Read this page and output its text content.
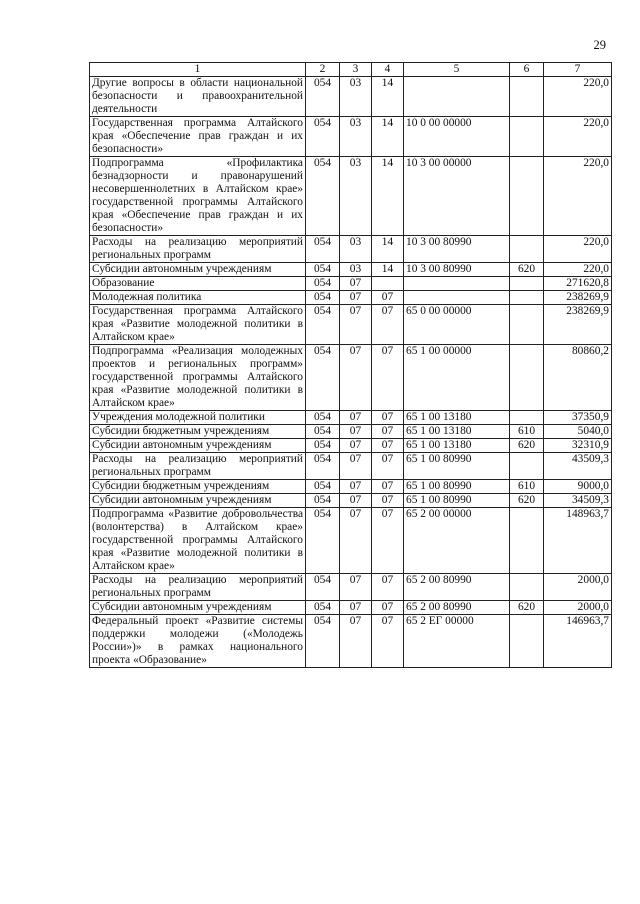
29
1	2	3	4	5	6	7
Другие вопросы в области национальной безопасности и правоохранительной деятельности	054	03	14			220,0
Государственная программа Алтайского края «Обеспечение прав граждан и их безопасности»	054	03	14	10 0 00 00000		220,0
Подпрограмма «Профилактика безнадзорности и правонарушений несовершеннолетних в Алтайском крае» государственной программы Алтайского края «Обеспечение прав граждан и их безопасности»	054	03	14	10 3 00 00000		220,0
Расходы на реализацию мероприятий региональных программ	054	03	14	10 3 00 80990		220,0
Субсидии автономным учреждениям	054	03	14	10 3 00 80990	620	220,0
Образование	054	07				271620,8
Молодежная политика	054	07	07			238269,9
Государственная программа Алтайского края «Развитие молодежной политики в Алтайском крае»	054	07	07	65 0 00 00000		238269,9
Подпрограмма «Реализация молодежных проектов и региональных программ» государственной программы Алтайского края «Развитие молодежной политики в Алтайском крае»	054	07	07	65 1 00 00000		80860,2
Учреждения молодежной политики	054	07	07	65 1 00 13180		37350,9
Субсидии бюджетным учреждениям	054	07	07	65 1 00 13180	610	5040,0
Субсидии автономным учреждениям	054	07	07	65 1 00 13180	620	32310,9
Расходы на реализацию мероприятий региональных программ	054	07	07	65 1 00 80990		43509,3
Субсидии бюджетным учреждениям	054	07	07	65 1 00 80990	610	9000,0
Субсидии автономным учреждениям	054	07	07	65 1 00 80990	620	34509,3
Подпрограмма «Развитие добровольчества (волонтерства) в Алтайском крае» государственной программы Алтайского края «Развитие молодежной политики в Алтайском крае»	054	07	07	65 2 00 00000		148963,7
Расходы на реализацию мероприятий региональных программ	054	07	07	65 2 00 80990		2000,0
Субсидии автономным учреждениям	054	07	07	65 2 00 80990	620	2000,0
Федеральный проект «Развитие системы поддержки молодежи («Молодежь России»)» в рамках национального проекта «Образование»	054	07	07	65 2 ЕГ 00000		146963,7
